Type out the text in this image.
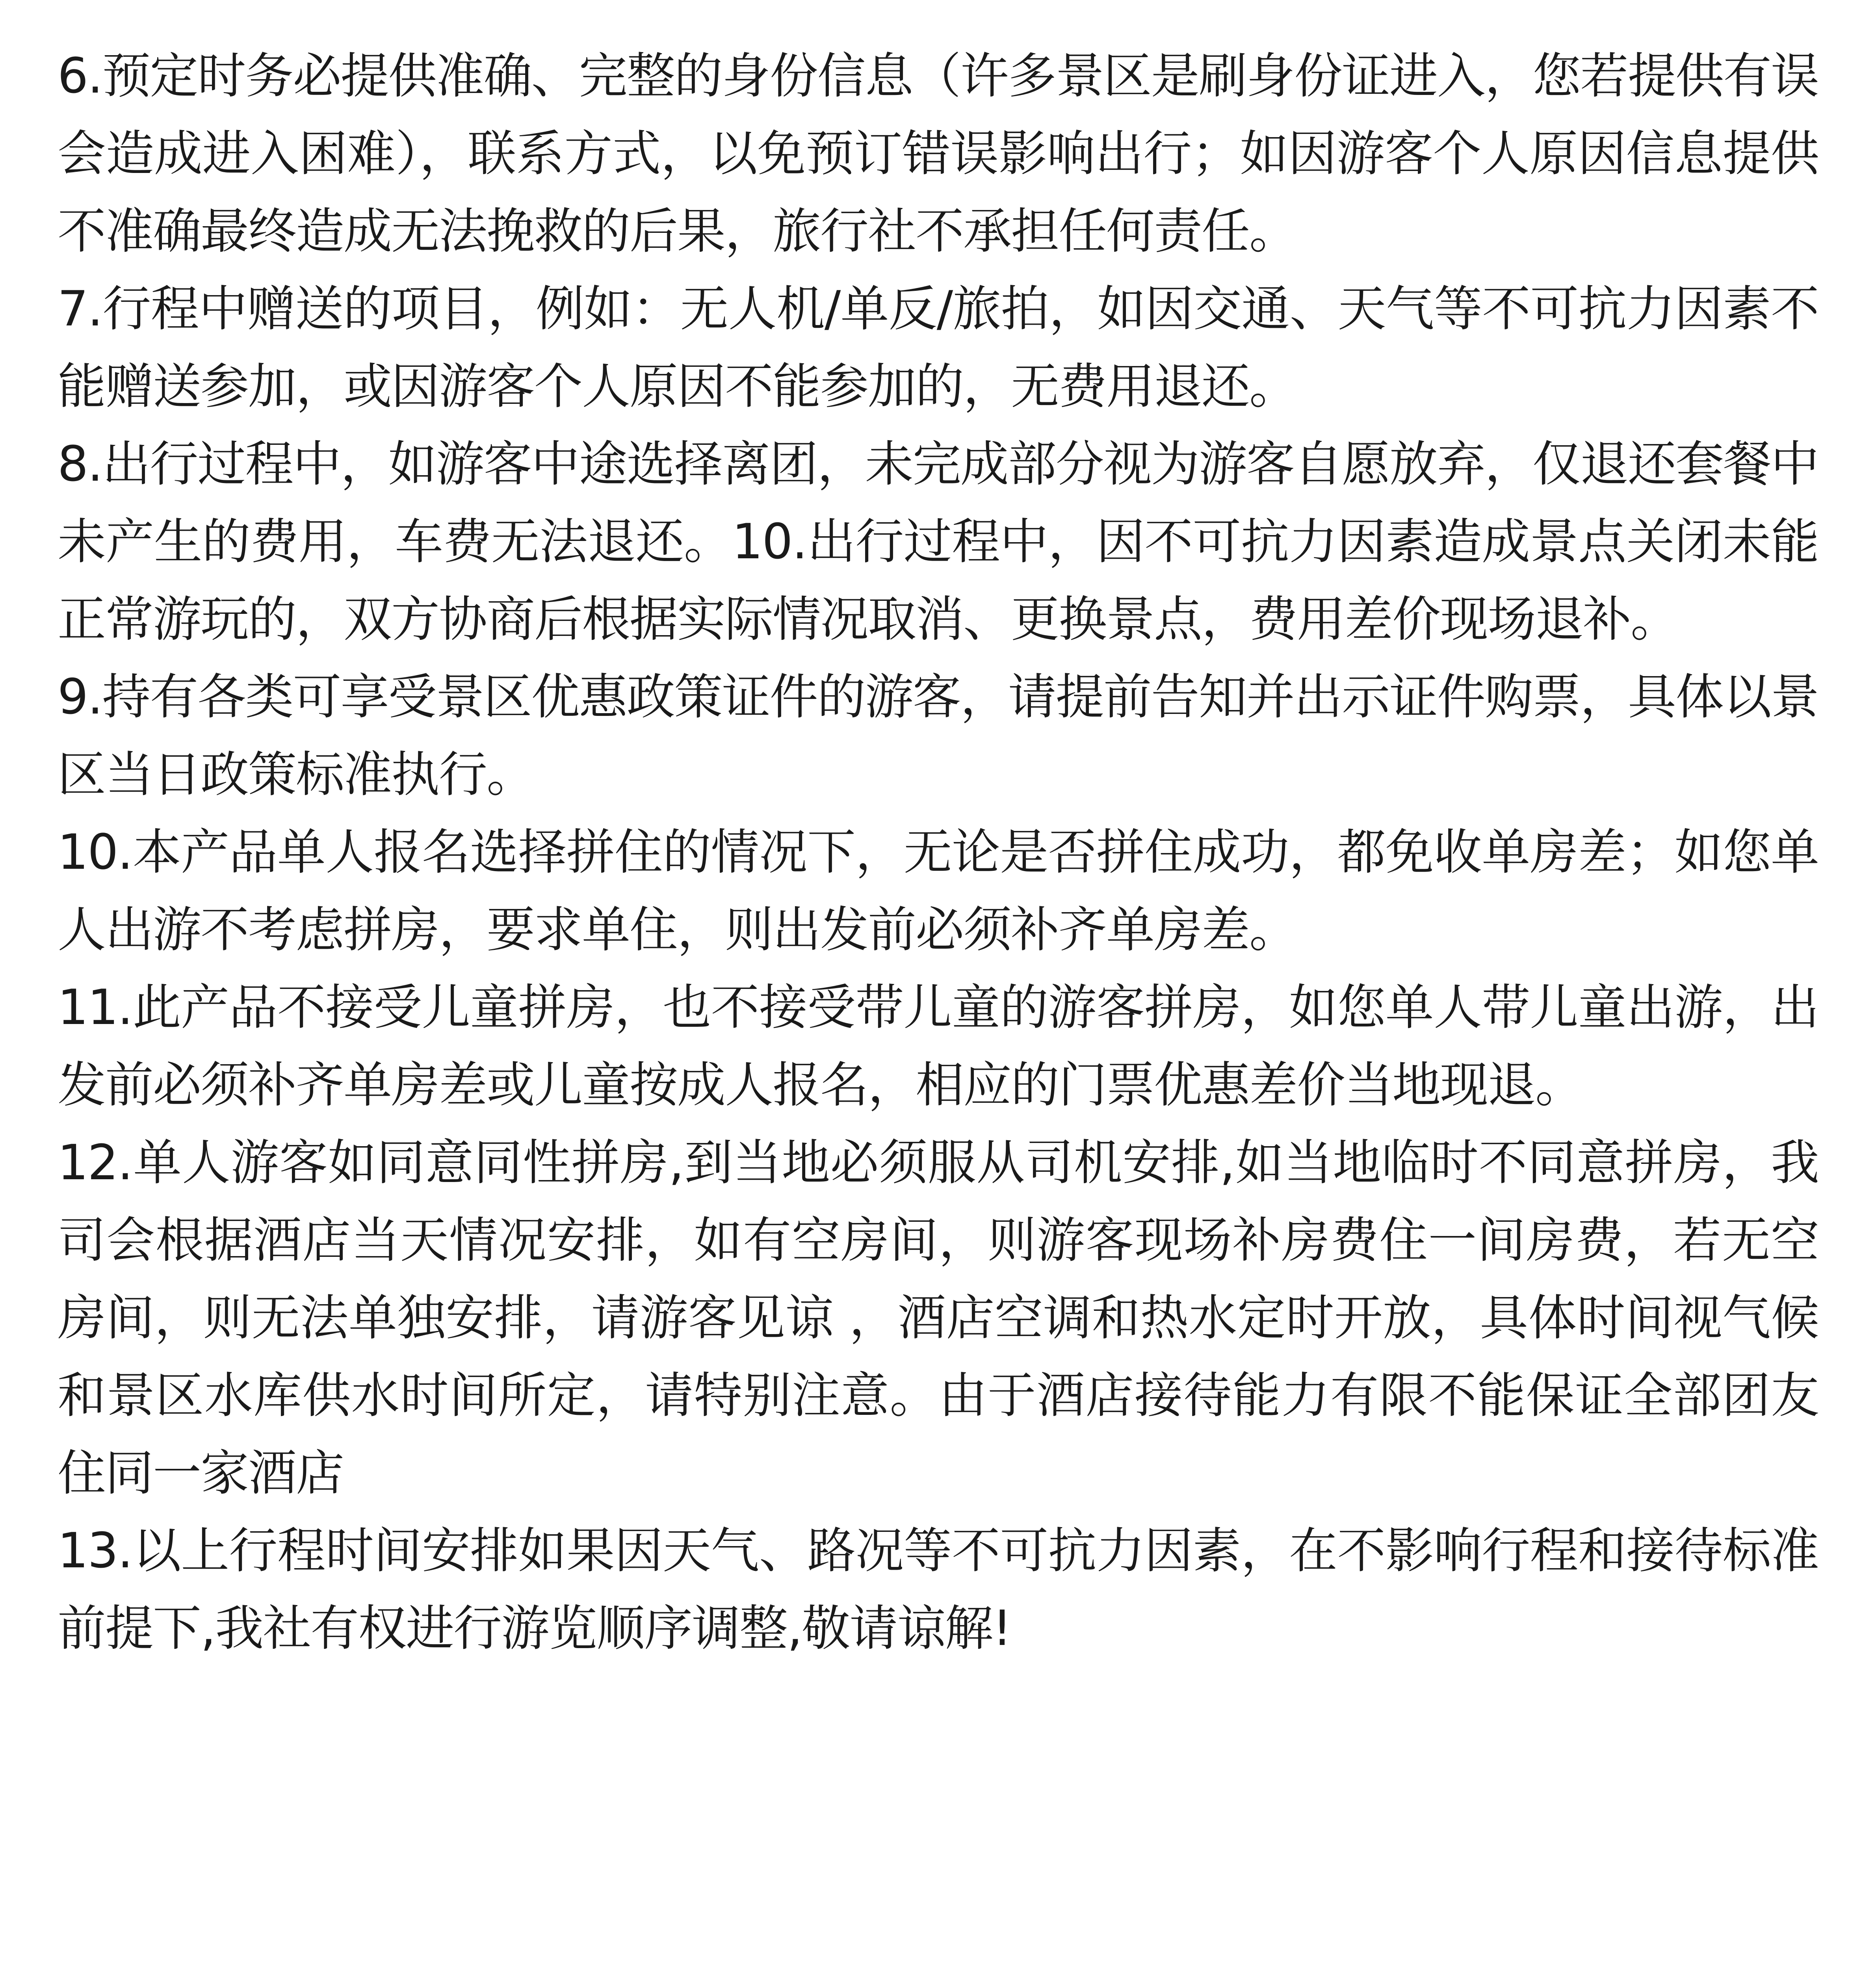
6.预定时务必提供准确、完整的身份信息（许多景区是刷身份证进入，您若提供有误会造成进入困难），联系方式，以免预订错误影响出行；如因游客个人原因信息提供不准确最终造成无法挽救的后果，旅行社不承担任何责任。
7.行程中赠送的项目，例如：无人机/单反/旅拍，如因交通、天气等不可抗力因素不能赠送参加，或因游客个人原因不能参加的，无费用退还。
8.出行过程中，如游客中途选择离团，未完成部分视为游客自愿放弃，仅退还套餐中未产生的费用，车费无法退还。10.出行过程中，因不可抗力因素造成景点关闭未能正常游玩的，双方协商后根据实际情况取消、更换景点，费用差价现场退补。
9.持有各类可享受景区优惠政策证件的游客，请提前告知并出示证件购票，具体以景区当日政策标准执行。
10.本产品单人报名选择拼住的情况下，无论是否拼住成功，都免收单房差；如您单人出游不考虑拼房，要求单住，则出发前必须补齐单房差。
11.此产品不接受儿童拼房，也不接受带儿童的游客拼房，如您单人带儿童出游，出发前必须补齐单房差或儿童按成人报名，相应的门票优惠差价当地现退。
12.单人游客如同意同性拼房,到当地必须服从司机安排,如当地临时不同意拼房，我司会根据酒店当天情况安排，如有空房间，则游客现场补房费住一间房费，若无空房间，则无法单独安排，请游客见谅 ，酒店空调和热水定时开放，具体时间视气候和景区水库供水时间所定，请特别注意。由于酒店接待能力有限不能保证全部团友住同一家酒店
13.以上行程时间安排如果因天气、路况等不可抗力因素，在不影响行程和接待标准前提下,我社有权进行游览顺序调整,敬请谅解!
